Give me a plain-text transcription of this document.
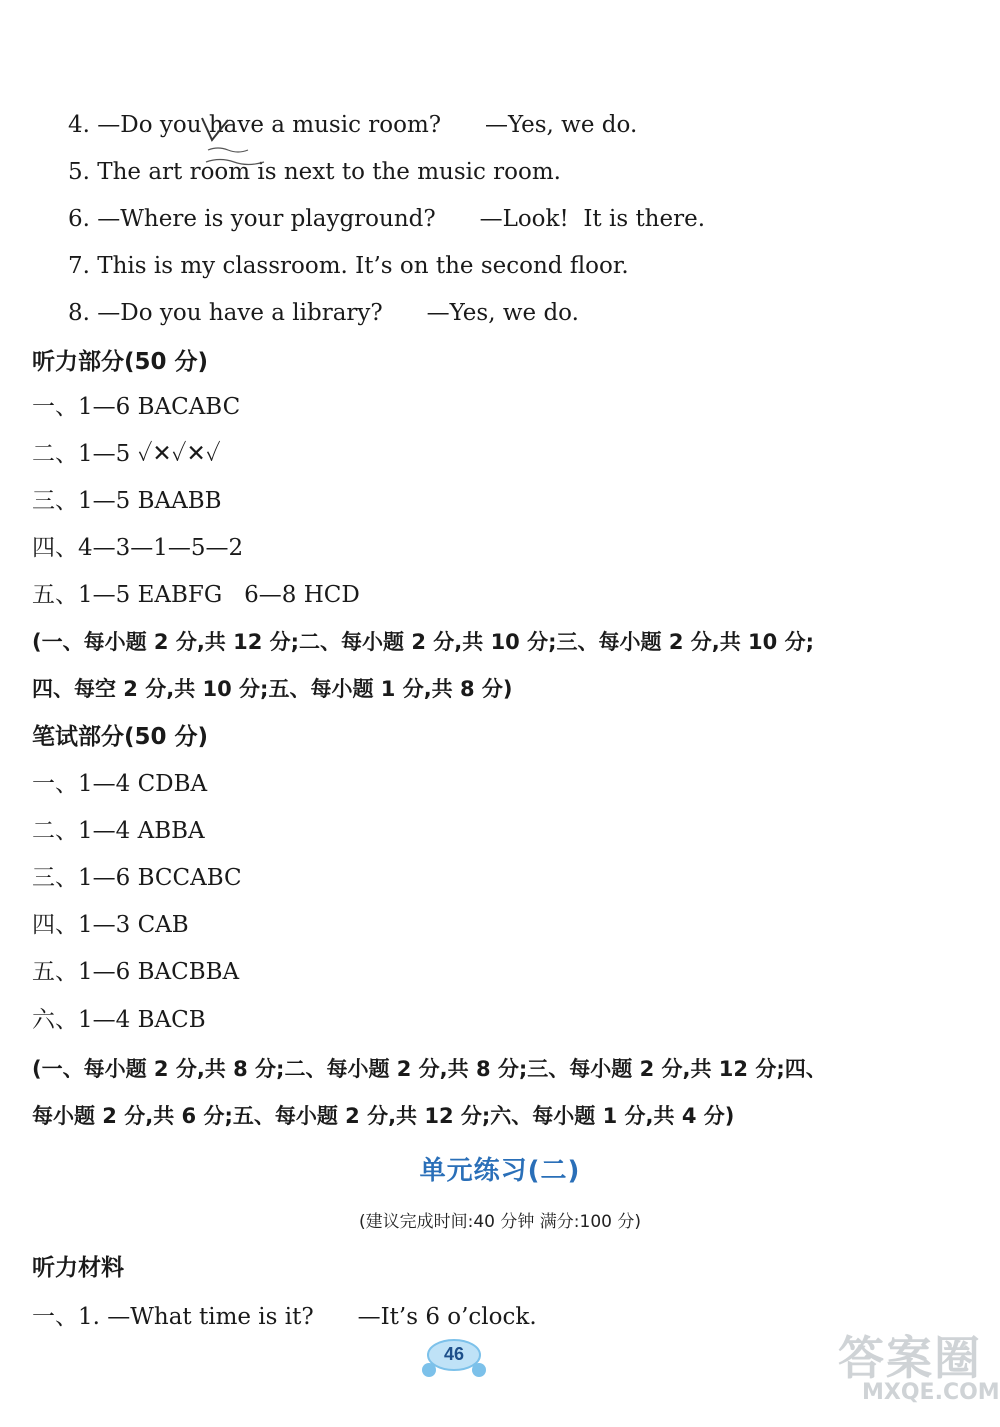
4. —Do you have a music room?      —Yes, we do.
5. The art room is next to the music room.
6. —Where is your playground?      —Look!  It is there.
7. This is my classroom. It’s on the second floor.
8. —Do you have a library?      —Yes, we do.
听力部分(50 分)
一、1—6 BACABC
二、1—5 ✓✕✓✕✓
三、1—5 BAABB
四、4—3—1—5—2
五、1—5 EABFG   6—8 HCD
(一、每小题 2 分,共 12 分;二、每小题 2 分,共 10 分;三、每小题 2 分,共 10 分;
四、每空 2 分,共 10 分;五、每小题 1 分,共 8 分)
笔试部分(50 分)
一、1—4 CDBA
二、1—4 ABBA
三、1—6 BCCABC
四、1—3 CAB
五、1—6 BACBBA
六、1—4 BACB
(一、每小题 2 分,共 8 分;二、每小题 2 分,共 8 分;三、每小题 2 分,共 12 分;四、
每小题 2 分,共 6 分;五、每小题 2 分,共 12 分;六、每小题 1 分,共 4 分)
单元练习(二)
(建议完成时间:40 分钟 满分:100 分)
听力材料
一、1. —What time is it?      —It’s 6 o’clock.
46	答案圈
MXQE.COM
